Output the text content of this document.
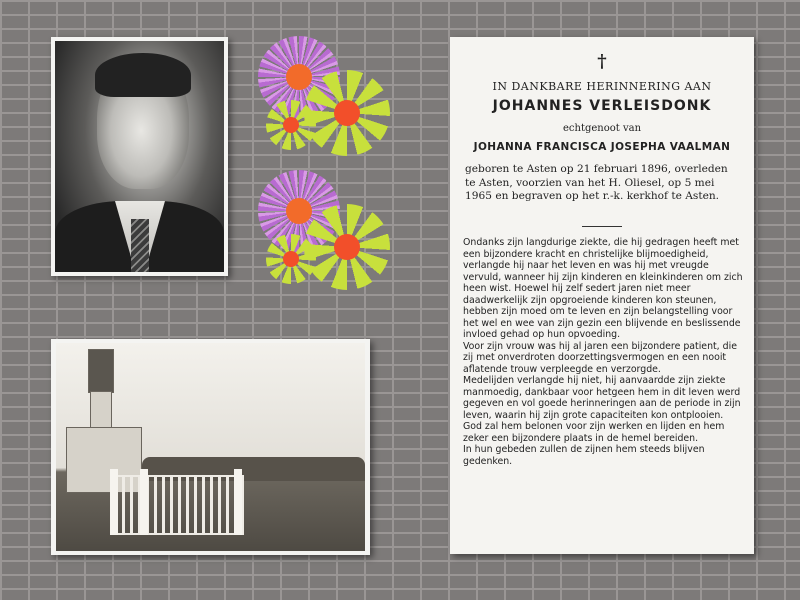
†
IN DANKBARE HERINNERING AAN
JOHANNES VERLEISDONK
echtgenoot van
JOHANNA FRANCISCA JOSEPHA VAALMAN

geboren te Asten op 21 februari 1896, overleden te Asten, voorzien van het H. Oliesel, op 5 mei 1965 en begraven op het r.-k. kerkhof te Asten.

Ondanks zijn langdurige ziekte, die hij gedragen heeft met een bijzondere kracht en christelijke blijmoedigheid, verlangde hij naar het leven en was hij met vreugde vervuld, wanneer hij zijn kinderen en kleinkinderen om zich heen wist. Hoewel hij zelf sedert jaren niet meer daadwerkelijk zijn opgroeiende kinderen kon steunen, hebben zijn moed om te leven en zijn belangstelling voor het wel en wee van zijn gezin een blijvende en beslissende invloed gehad op hun opvoeding.

Voor zijn vrouw was hij al jaren een bijzondere patient, die zij met onverdroten doorzettingsvermogen en een nooit aflatende trouw verpleegde en verzorgde.

Medelijden verlangde hij niet, hij aanvaardde zijn ziekte manmoedig, dankbaar voor hetgeen hem in dit leven werd gegeven en vol goede herinneringen aan de periode in zijn leven, waarin hij zijn grote capaciteiten kon ontplooien.

God zal hem belonen voor zijn werken en lijden en hem zeker een bijzondere plaats in de hemel bereiden.

In hun gebeden zullen de zijnen hem steeds blijven gedenken.
